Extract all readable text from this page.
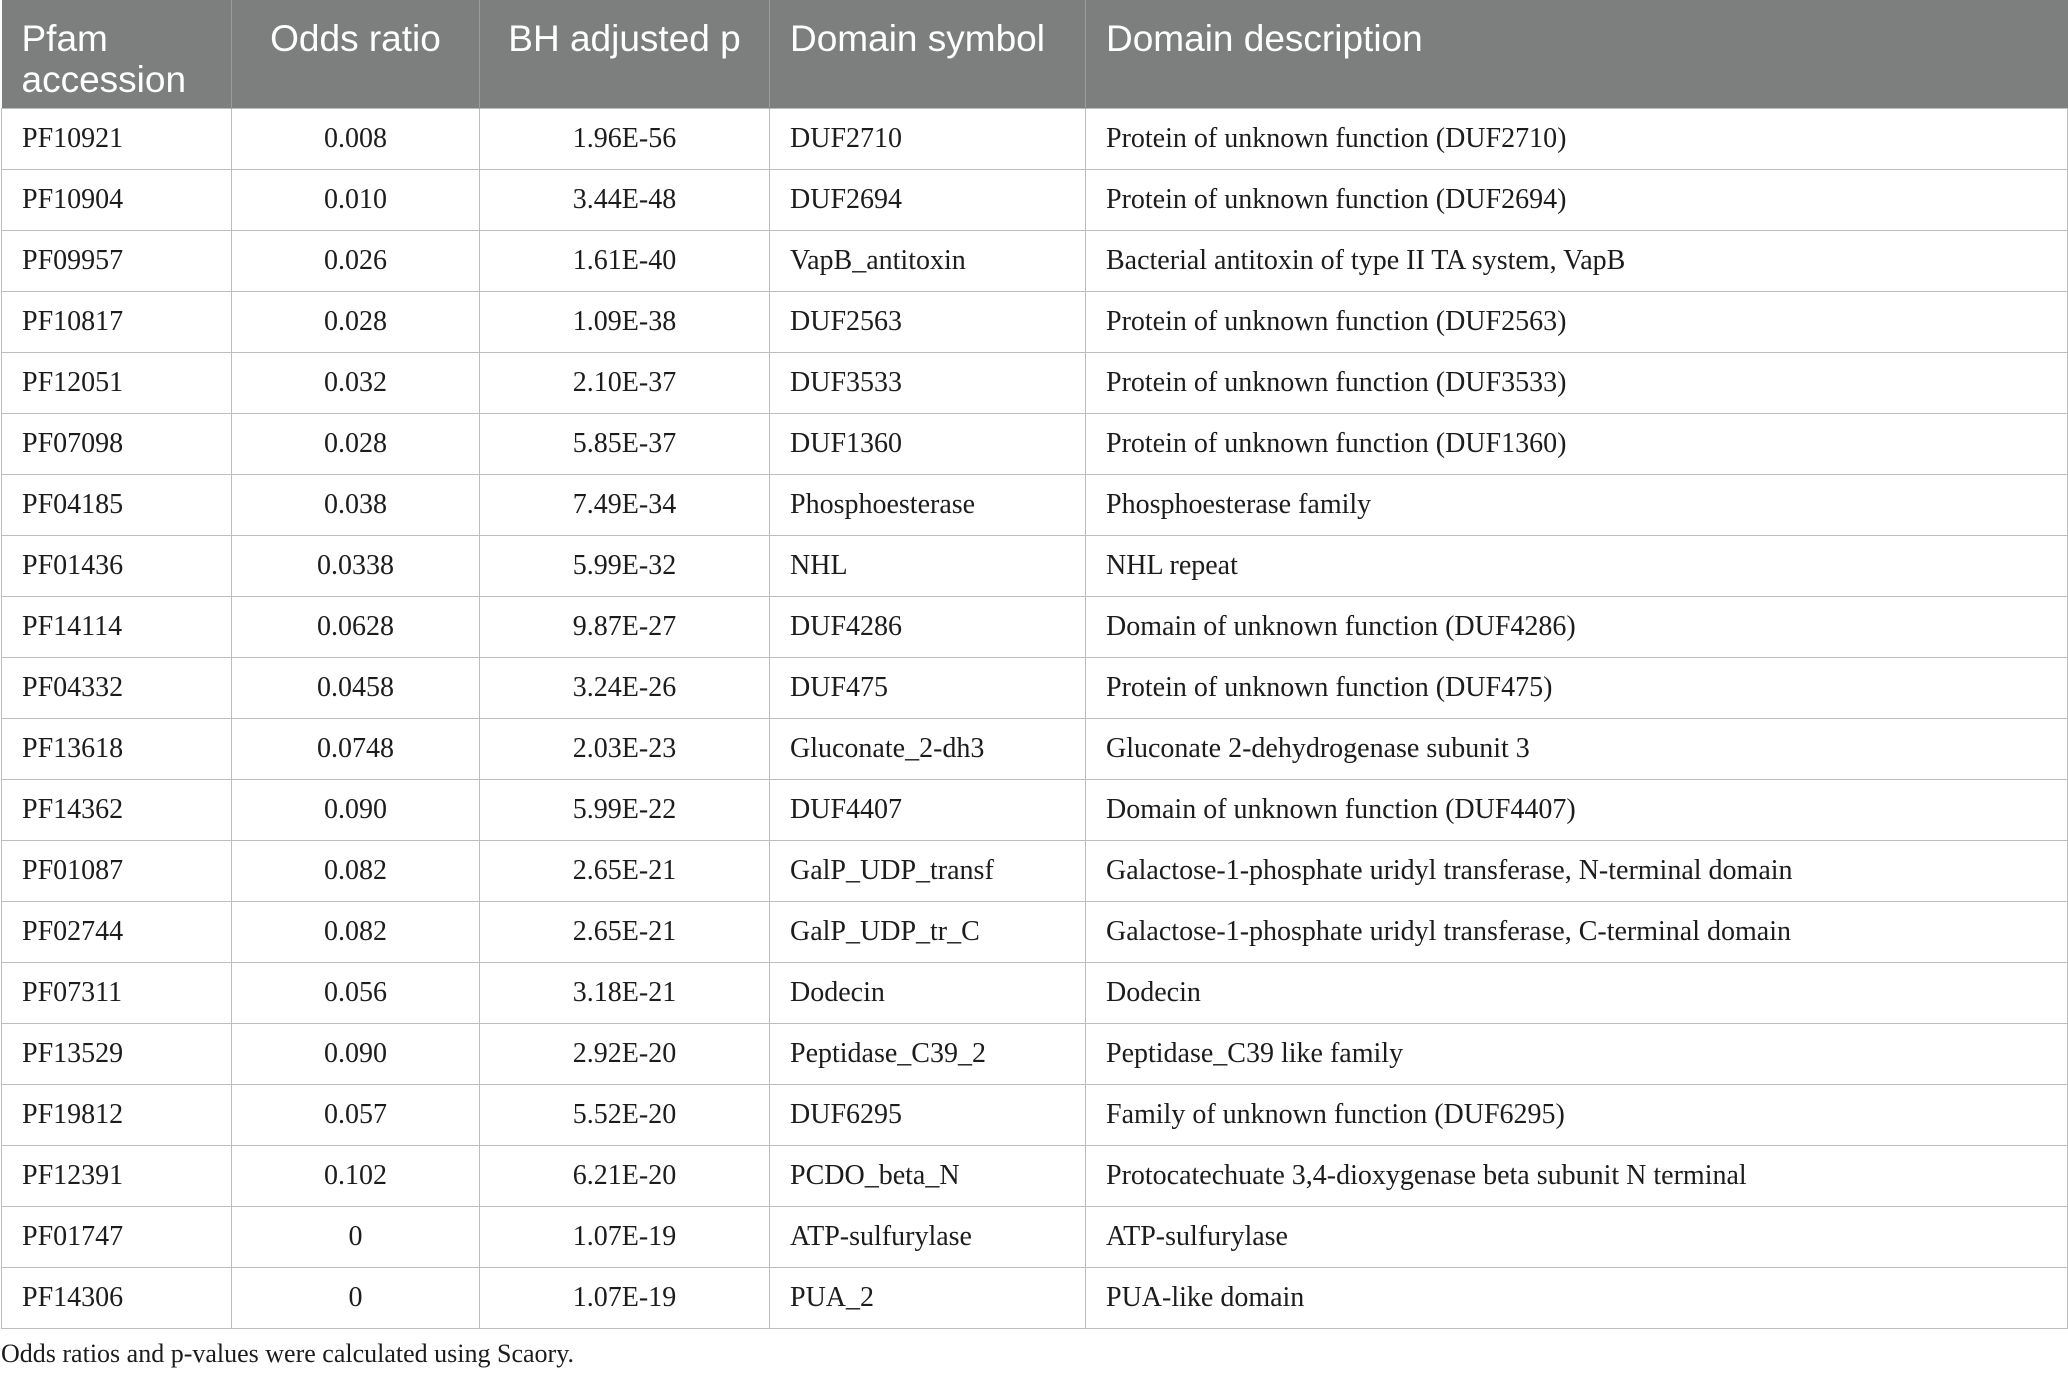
Pfam accession	Odds ratio	BH adjusted p	Domain symbol	Domain description
PF10921	0.008	1.96E-56	DUF2710	Protein of unknown function (DUF2710)
PF10904	0.010	3.44E-48	DUF2694	Protein of unknown function (DUF2694)
PF09957	0.026	1.61E-40	VapB_antitoxin	Bacterial antitoxin of type II TA system, VapB
PF10817	0.028	1.09E-38	DUF2563	Protein of unknown function (DUF2563)
PF12051	0.032	2.10E-37	DUF3533	Protein of unknown function (DUF3533)
PF07098	0.028	5.85E-37	DUF1360	Protein of unknown function (DUF1360)
PF04185	0.038	7.49E-34	Phosphoesterase	Phosphoesterase family
PF01436	0.0338	5.99E-32	NHL	NHL repeat
PF14114	0.0628	9.87E-27	DUF4286	Domain of unknown function (DUF4286)
PF04332	0.0458	3.24E-26	DUF475	Protein of unknown function (DUF475)
PF13618	0.0748	2.03E-23	Gluconate_2-dh3	Gluconate 2-dehydrogenase subunit 3
PF14362	0.090	5.99E-22	DUF4407	Domain of unknown function (DUF4407)
PF01087	0.082	2.65E-21	GalP_UDP_transf	Galactose-1-phosphate uridyl transferase, N-terminal domain
PF02744	0.082	2.65E-21	GalP_UDP_tr_C	Galactose-1-phosphate uridyl transferase, C-terminal domain
PF07311	0.056	3.18E-21	Dodecin	Dodecin
PF13529	0.090	2.92E-20	Peptidase_C39_2	Peptidase_C39 like family
PF19812	0.057	5.52E-20	DUF6295	Family of unknown function (DUF6295)
PF12391	0.102	6.21E-20	PCDO_beta_N	Protocatechuate 3,4-dioxygenase beta subunit N terminal
PF01747	0	1.07E-19	ATP-sulfurylase	ATP-sulfurylase
PF14306	0	1.07E-19	PUA_2	PUA-like domain
Odds ratios and p-values were calculated using Scaory.
